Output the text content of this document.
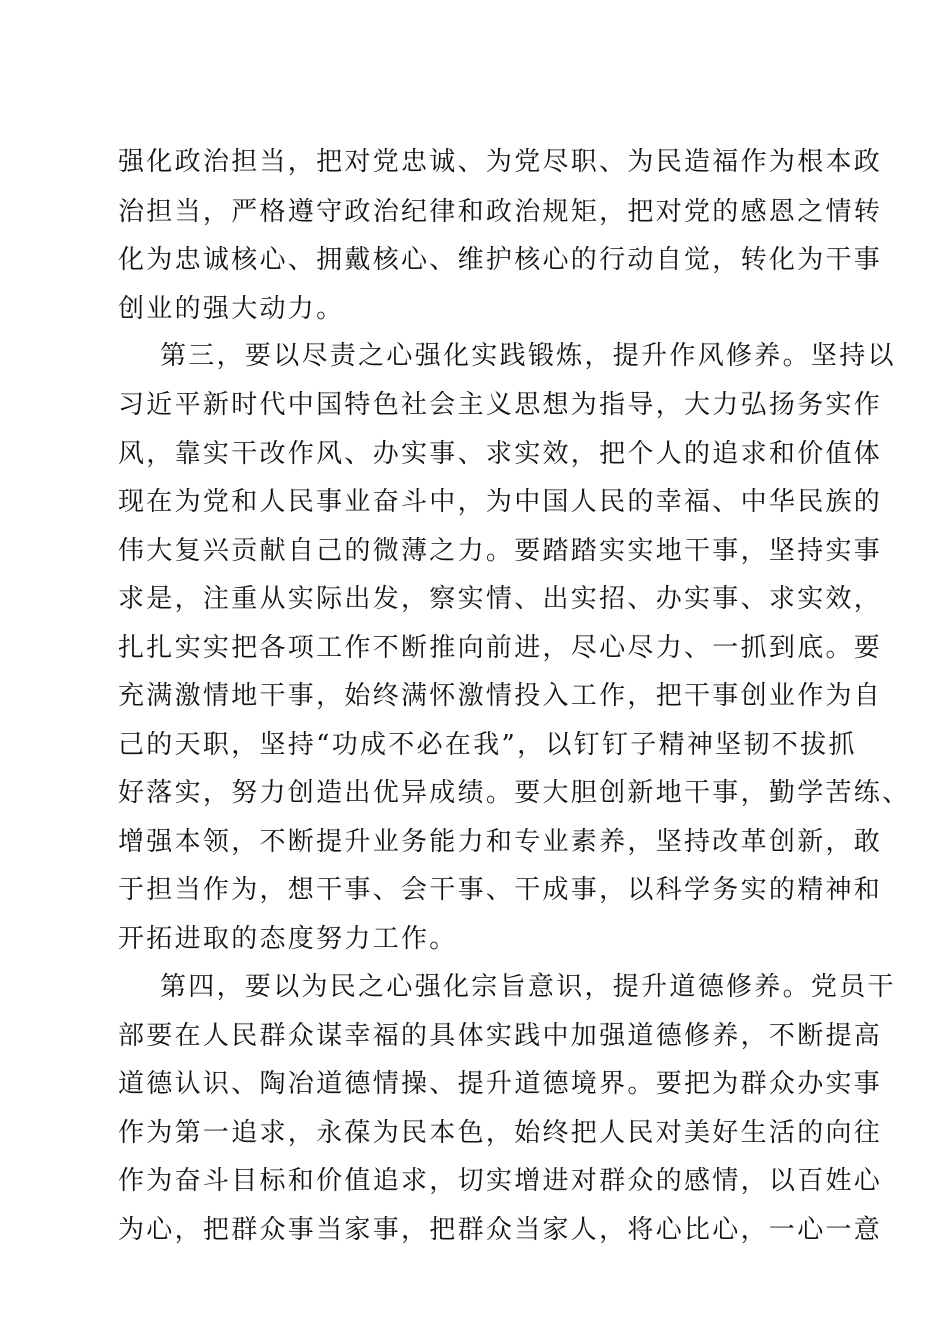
强化政治担当，把对党忠诚、为党尽职、为民造福作为根本政
治担当，严格遵守政治纪律和政治规矩，把对党的感恩之情转
化为忠诚核心、拥戴核心、维护核心的行动自觉，转化为干事
创业的强大动力。
第三，要以尽责之心强化实践锻炼，提升作风修养。坚持以
习近平新时代中国特色社会主义思想为指导，大力弘扬务实作
风，靠实干改作风、办实事、求实效，把个人的追求和价值体
现在为党和人民事业奋斗中，为中国人民的幸福、中华民族的
伟大复兴贡献自己的微薄之力。要踏踏实实地干事，坚持实事
求是，注重从实际出发，察实情、出实招、办实事、求实效，
扎扎实实把各项工作不断推向前进，尽心尽力、一抓到底。要
充满激情地干事，始终满怀激情投入工作，把干事创业作为自
己的天职，坚持“功成不必在我”，以钉钉子精神坚韧不拔抓
好落实，努力创造出优异成绩。要大胆创新地干事，勤学苦练、
增强本领，不断提升业务能力和专业素养，坚持改革创新，敢
于担当作为，想干事、会干事、干成事，以科学务实的精神和
开拓进取的态度努力工作。
第四，要以为民之心强化宗旨意识，提升道德修养。党员干
部要在人民群众谋幸福的具体实践中加强道德修养，不断提高
道德认识、陶冶道德情操、提升道德境界。要把为群众办实事
作为第一追求，永葆为民本色，始终把人民对美好生活的向往
作为奋斗目标和价值追求，切实增进对群众的感情，以百姓心
为心，把群众事当家事，把群众当家人，将心比心，一心一意
